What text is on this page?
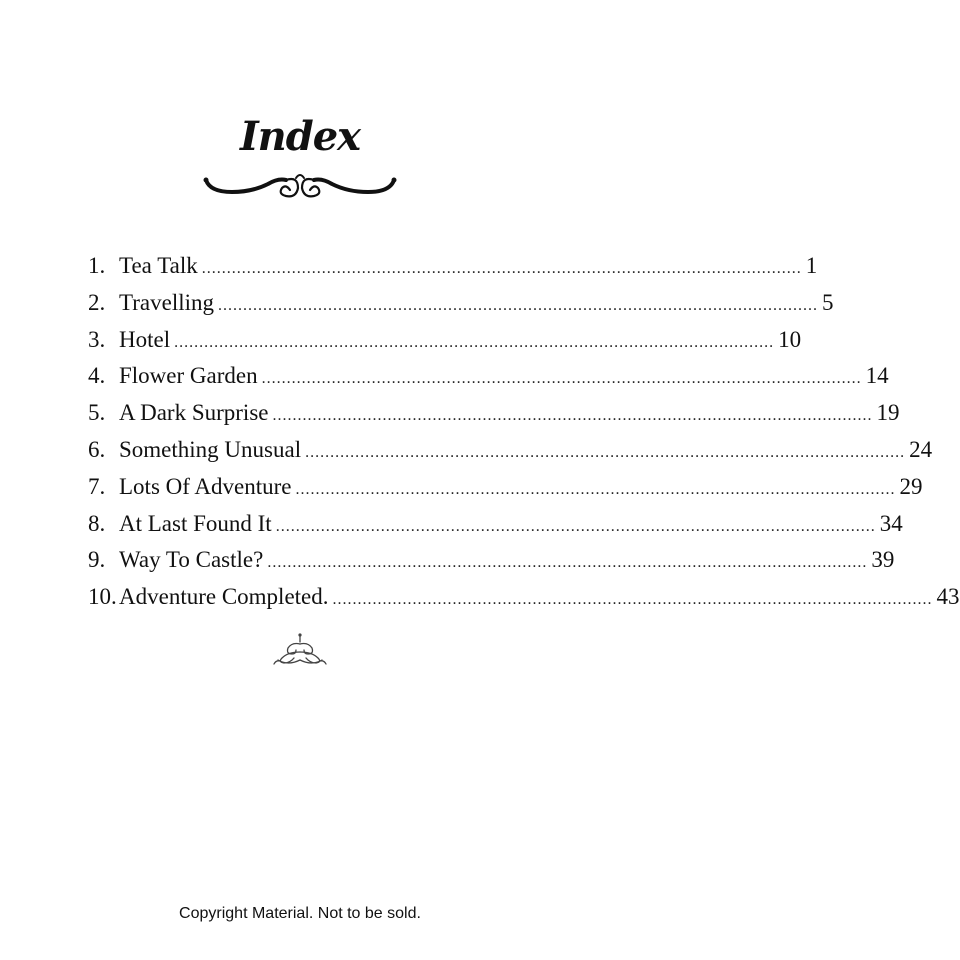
Index
1. Tea Talk ........................................................................................................................ 1
2. Travelling ........................................................................................................................ 5
3. Hotel ........................................................................................................................ 10
4. Flower Garden ........................................................................................................................ 14
5. A Dark Surprise ........................................................................................................................ 19
6. Something Unusual ........................................................................................................................ 24
7. Lots Of Adventure ........................................................................................................................ 29
8. At Last Found It ........................................................................................................................ 34
9. Way To Castle? ........................................................................................................................ 39
10. Adventure Completed. ........................................................................................................................ 43
Copyright Material. Not to be sold.
